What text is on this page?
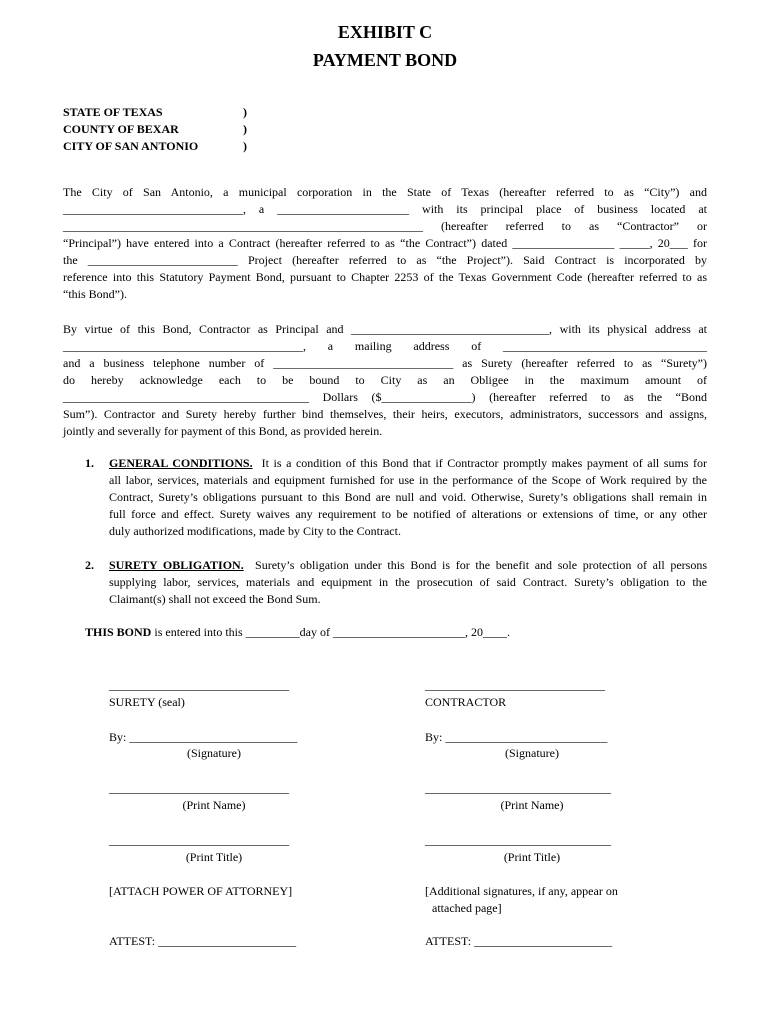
EXHIBIT C
PAYMENT BOND
STATE OF TEXAS	)
COUNTY OF BEXAR	)
CITY OF SAN ANTONIO	)
The City of San Antonio, a municipal corporation in the State of Texas (hereafter referred to as “City”) and
______________________________, a ______________________ with its principal place of business located at
____________________________________________________________ (hereafter referred to as “Contractor” or
“Principal”) have entered into a Contract (hereafter referred to as “the Contract”) dated _________________ _____, 20___ for
the _________________________ Project (hereafter referred to as “the Project”). Said Contract is incorporated by
reference into this Statutory Payment Bond, pursuant to Chapter 2253 of the Texas Government Code (hereafter referred to as
“this Bond”).
By virtue of this Bond, Contractor as Principal and _________________________________, with its physical address at
________________________________________, a mailing address of __________________________________
and a business telephone number of ______________________________ as Surety (hereafter referred to as “Surety”)
do hereby acknowledge each to be bound to City as an Obligee in the maximum amount of
_________________________________________ Dollars ($_______________) (hereafter referred to as the “Bond
Sum”). Contractor and Surety hereby further bind themselves, their heirs, executors, administrators, successors and assigns,
jointly and severally for payment of this Bond, as provided herein.
1. GENERAL CONDITIONS. It is a condition of this Bond that if Contractor promptly makes payment of all sums for
all labor, services, materials and equipment furnished for use in the performance of the Scope of Work required by the
Contract, Surety’s obligations pursuant to this Bond are null and void. Otherwise, Surety’s obligations shall remain in
full force and effect. Surety waives any requirement to be notified of alterations or extensions of time, or any other
duly authorized modifications, made by City to the Contract.
2. SURETY OBLIGATION. Surety’s obligation under this Bond is for the benefit and sole protection of all persons
supplying labor, services, materials and equipment in the prosecution of said Contract. Surety’s obligation to the
Claimant(s) shall not exceed the Bond Sum.
THIS BOND is entered into this _________day of ______________________, 20____.
______________________________
SURETY (seal)
By: ____________________________
(Signature)
______________________________
(Print Name)
______________________________
(Print Title)
[ATTACH POWER OF ATTORNEY]
ATTEST: _______________________
______________________________
CONTRACTOR
By: ___________________________
(Signature)
_______________________________
(Print Name)
_______________________________
(Print Title)
[Additional signatures, if any, appear on
attached page]
ATTEST: _______________________
